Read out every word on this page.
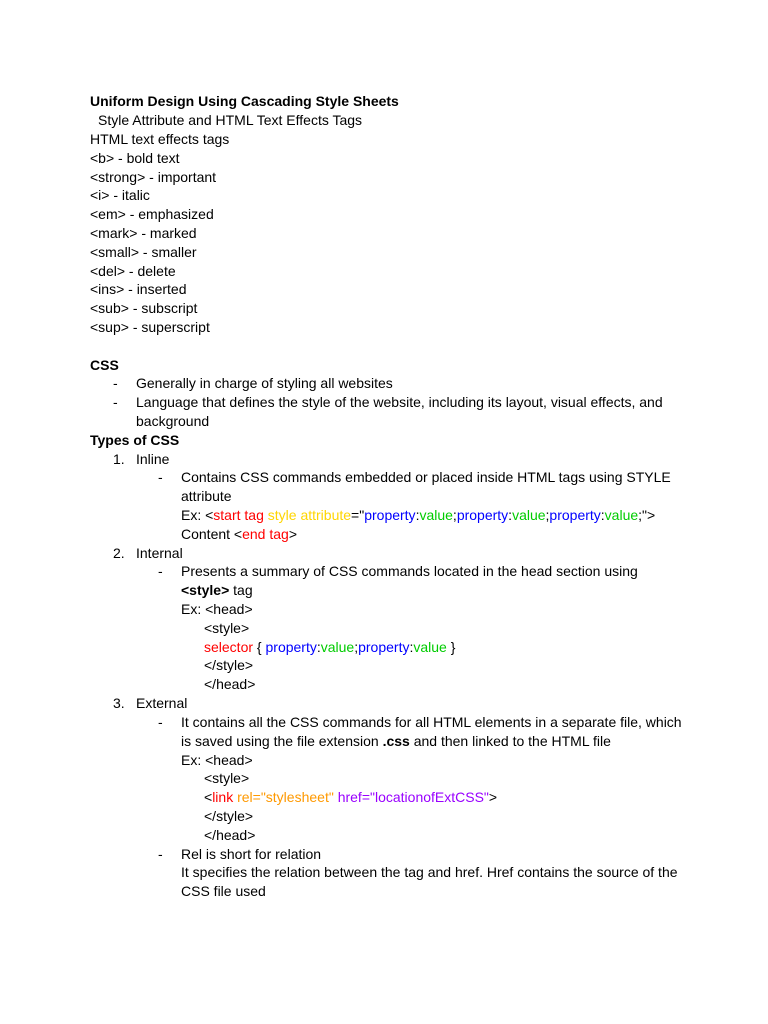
Uniform Design Using Cascading Style Sheets
Style Attribute and HTML Text Effects Tags
HTML text effects tags
<b> - bold text
<strong> - important
<i> - italic
<em> - emphasized
<mark> - marked
<small> - smaller
<del> - delete
<ins> - inserted
<sub> - subscript
<sup> - superscript
CSS
- Generally in charge of styling all websites
- Language that defines the style of the website, including its layout, visual effects, and
background
Types of CSS
1. Inline
- Contains CSS commands embedded or placed inside HTML tags using STYLE
attribute
Ex: <start tag style attribute="property:value;property:value;property:value;">
Content <end tag>
2. Internal
- Presents a summary of CSS commands located in the head section using
<style> tag
Ex: <head>
<style>
selector { property:value;property:value }
</style>
</head>
3. External
- It contains all the CSS commands for all HTML elements in a separate file, which
is saved using the file extension .css and then linked to the HTML file
Ex: <head>
<style>
<link rel="stylesheet" href="locationofExtCSS">
</style>
</head>
- Rel is short for relation
It specifies the relation between the tag and href. Href contains the source of the
CSS file used
